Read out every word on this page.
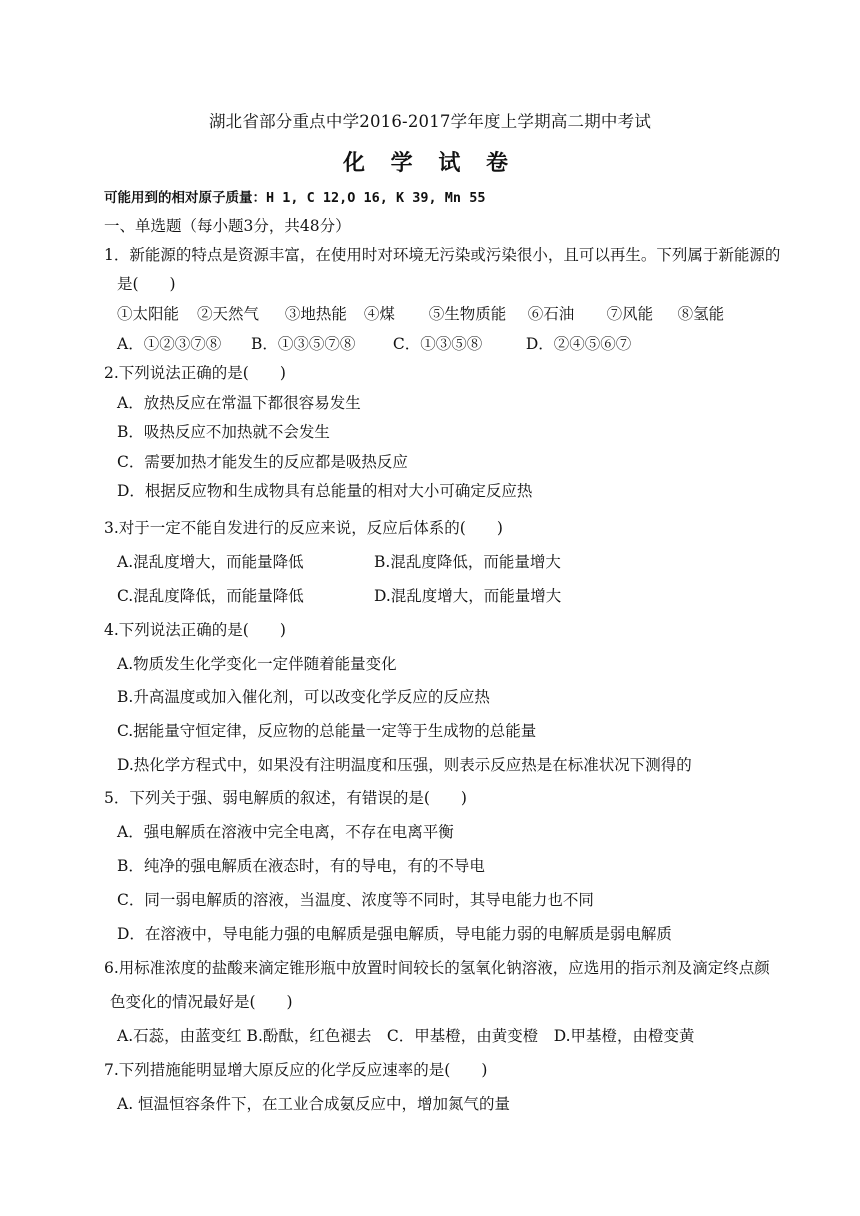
湖北省部分重点中学2016-2017学年度上学期高二期中考试
化 学 试 卷
可能用到的相对原子质量：H 1, C 12,O 16, K 39, Mn 55
一、单选题（每小题3分，共48分）
1．新能源的特点是资源丰富，在使用时对环境无污染或污染很小，且可以再生。下列属于新能源的
是(　　)
①太阳能 ②天然气 ③地热能 ④煤 ⑤生物质能 ⑥石油 ⑦风能 ⑧氢能
A．①②③⑦⑧ B．①③⑤⑦⑧ C．①③⑤⑧	D．②④⑤⑥⑦
2.下列说法正确的是(　　)
A．放热反应在常温下都很容易发生
B．吸热反应不加热就不会发生
C．需要加热才能发生的反应都是吸热反应
D．根据反应物和生成物具有总能量的相对大小可确定反应热
3.对于一定不能自发进行的反应来说，反应后体系的(　　)
A.混乱度增大，而能量降低	B.混乱度降低，而能量增大
C.混乱度降低，而能量降低	D.混乱度增大，而能量增大
4.下列说法正确的是(　　)
A.物质发生化学变化一定伴随着能量变化
B.升高温度或加入催化剂，可以改变化学反应的反应热
C.据能量守恒定律，反应物的总能量一定等于生成物的总能量
D.热化学方程式中，如果没有注明温度和压强，则表示反应热是在标准状况下测得的
5．下列关于强、弱电解质的叙述，有错误的是(　　)
A．强电解质在溶液中完全电离，不存在电离平衡
B．纯净的强电解质在液态时，有的导电，有的不导电
C．同一弱电解质的溶液，当温度、浓度等不同时，其导电能力也不同
D．在溶液中，导电能力强的电解质是强电解质，导电能力弱的电解质是弱电解质
6.用标准浓度的盐酸来滴定锥形瓶中放置时间较长的氢氧化钠溶液，应选用的指示剂及滴定终点颜
色变化的情况最好是(　　)
A.石蕊，由蓝变红 B.酚酞，红色褪去　C．甲基橙，由黄变橙　D.甲基橙，由橙变黄
7.下列措施能明显增大原反应的化学反应速率的是(　　)
A. 恒温恒容条件下，在工业合成氨反应中，增加氮气的量
